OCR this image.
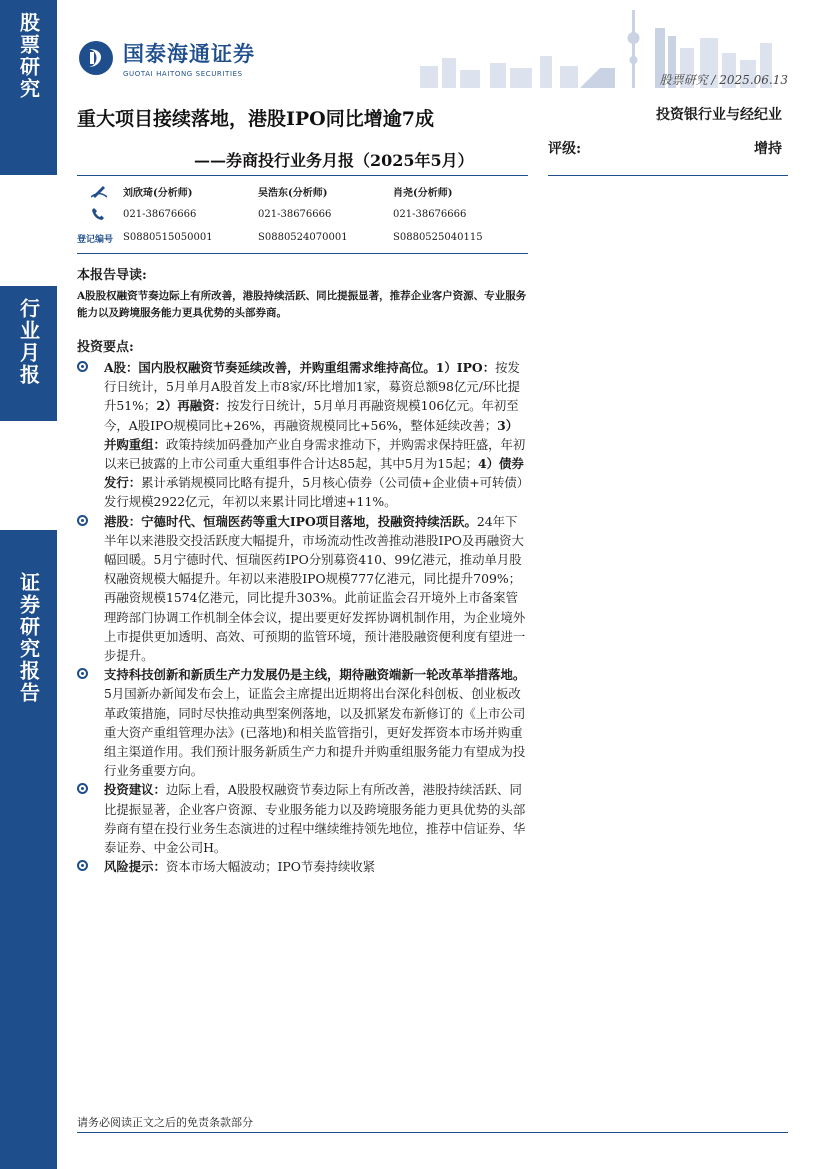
股票研究
行业月报
证券研究报告
国泰海通证券
GUOTAI HAITONG SECURITIES	股票研究 / 2025.06.13
重大项目接续落地，港股IPO同比增逾7成
——券商投行业务月报（2025年5月）
投资银行业与经纪业
评级:	增持
登记编号
刘欣琦(分析师)	吴浩东(分析师)	肖尧(分析师)
021-38676666	021-38676666	021-38676666
S0880515050001	S0880524070001	S0880525040115
本报告导读:
A股股权融资节奏边际上有所改善，港股持续活跃、同比提振显著，推荐企业客户资源、专业服务能力以及跨境服务能力更具优势的头部券商。
投资要点:
A股：国内股权融资节奏延续改善，并购重组需求维持高位。1）IPO：按发行日统计，5月单月A股首发上市8家/环比增加1家，募资总额98亿元/环比提升51%；2）再融资：按发行日统计，5月单月再融资规模106亿元。年初至今，A股IPO规模同比+26%，再融资规模同比+56%，整体延续改善；3）并购重组：政策持续加码叠加产业自身需求推动下，并购需求保持旺盛，年初以来已披露的上市公司重大重组事件合计达85起，其中5月为15起；4）债券发行：累计承销规模同比略有提升，5月核心债券（公司债+企业债+可转债）发行规模2922亿元，年初以来累计同比增速+11%。
港股：宁德时代、恒瑞医药等重大IPO项目落地，投融资持续活跃。24年下半年以来港股交投活跃度大幅提升，市场流动性改善推动港股IPO及再融资大幅回暖。5月宁德时代、恒瑞医药IPO分别募资410、99亿港元，推动单月股权融资规模大幅提升。年初以来港股IPO规模777亿港元，同比提升709%；再融资规模1574亿港元，同比提升303%。此前证监会召开境外上市备案管理跨部门协调工作机制全体会议，提出要更好发挥协调机制作用，为企业境外上市提供更加透明、高效、可预期的监管环境，预计港股融资便利度有望进一步提升。
支持科技创新和新质生产力发展仍是主线，期待融资端新一轮改革举措落地。5月国新办新闻发布会上，证监会主席提出近期将出台深化科创板、创业板改革政策措施，同时尽快推动典型案例落地，以及抓紧发布新修订的《上市公司重大资产重组管理办法》(已落地)和相关监管指引，更好发挥资本市场并购重组主渠道作用。我们预计服务新质生产力和提升并购重组服务能力有望成为投行业务重要方向。
投资建议：边际上看，A股股权融资节奏边际上有所改善，港股持续活跃、同比提振显著，企业客户资源、专业服务能力以及跨境服务能力更具优势的头部券商有望在投行业务生态演进的过程中继续维持领先地位，推荐中信证券、华泰证券、中金公司H。
风险提示：资本市场大幅波动；IPO节奏持续收紧
请务必阅读正文之后的免责条款部分
